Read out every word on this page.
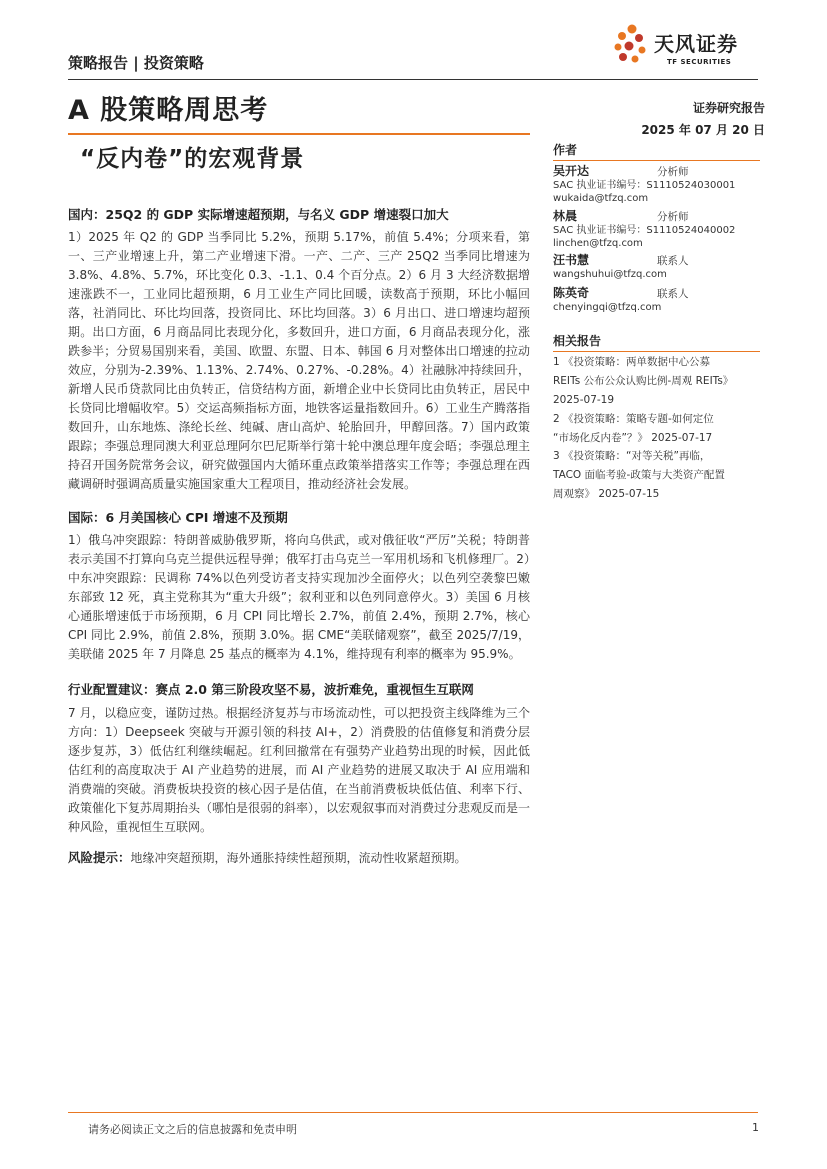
策略报告 | 投资策略
天风证券
TF SECURITIES
A 股策略周思考	证券研究报告
2025 年 07 月 20 日
“反内卷”的宏观背景	作者
吴开达	分析师
SAC 执业证书编号：S1110524030001
wukaida@tfzq.com
林晨	分析师
SAC 执业证书编号：S1110524040002
linchen@tfzq.com
汪书慧	联系人
wangshuhui@tfzq.com
陈英奇	联系人
chenyingqi@tfzq.com
相关报告
1 《投资策略：两单数据中心公募
REITs 公布公众认购比例-周观 REITs》
2025-07-19
2 《投资策略：策略专题-如何定位
“市场化反内卷”？》 2025-07-17
3 《投资策略：“对等关税”再临，
TACO 面临考验-政策与大类资产配置
周观察》 2025-07-15
国内：25Q2 的 GDP 实际增速超预期，与名义 GDP 增速裂口加大
1）2025 年 Q2 的 GDP 当季同比 5.2%，预期 5.17%，前值 5.4%；分项来看，第一、三产业增速上升，第二产业增速下滑。一产、二产、三产 25Q2 当季同比增速为 3.8%、4.8%、5.7%，环比变化 0.3、-1.1、0.4 个百分点。2）6 月 3 大经济数据增速涨跌不一，工业同比超预期，6 月工业生产同比回暖，读数高于预期，环比小幅回落，社消同比、环比均回落，投资同比、环比均回落。3）6 月出口、进口增速均超预期。出口方面，6 月商品同比表现分化，多数回升，进口方面，6 月商品表现分化，涨跌参半；分贸易国别来看，美国、欧盟、东盟、日本、韩国 6 月对整体出口增速的拉动效应，分别为-2.39%、1.13%、2.74%、0.27%、-0.28%。4）社融脉冲持续回升，新增人民币贷款同比由负转正，信贷结构方面，新增企业中长贷同比由负转正，居民中长贷同比增幅收窄。5）交运高频指标方面，地铁客运量指数回升。6）工业生产腾落指数回升，山东地炼、涤纶长丝、纯碱、唐山高炉、轮胎回升，甲醇回落。7）国内政策跟踪；李强总理同澳大利亚总理阿尔巴尼斯举行第十轮中澳总理年度会晤；李强总理主持召开国务院常务会议，研究做强国内大循环重点政策举措落实工作等；李强总理在西藏调研时强调高质量实施国家重大工程项目，推动经济社会发展。
国际：6 月美国核心 CPI 增速不及预期
1）俄乌冲突跟踪：特朗普威胁俄罗斯，将向乌供武，或对俄征收“严厉”关税；特朗普表示美国不打算向乌克兰提供远程导弹；俄军打击乌克兰一军用机场和飞机修理厂。2）中东冲突跟踪：民调称 74%以色列受访者支持实现加沙全面停火；以色列空袭黎巴嫩东部致 12 死，真主党称其为“重大升级”；叙利亚和以色列同意停火。3）美国 6 月核心通胀增速低于市场预期，6 月 CPI 同比增长 2.7%，前值 2.4%，预期 2.7%，核心 CPI 同比 2.9%，前值 2.8%，预期 3.0%。据 CME“美联储观察”，截至 2025/7/19，美联储 2025 年 7 月降息 25 基点的概率为 4.1%，维持现有利率的概率为 95.9%。
行业配置建议：赛点 2.0 第三阶段攻坚不易，波折难免，重视恒生互联网
7 月，以稳应变，谨防过热。根据经济复苏与市场流动性，可以把投资主线降维为三个方向：1）Deepseek 突破与开源引领的科技 AI+，2）消费股的估值修复和消费分层逐步复苏，3）低估红利继续崛起。红利回撤常在有强势产业趋势出现的时候，因此低估红利的高度取决于 AI 产业趋势的进展，而 AI 产业趋势的进展又取决于 AI 应用端和消费端的突破。消费板块投资的核心因子是估值，在当前消费板块低估值、利率下行、政策催化下复苏周期抬头（哪怕是很弱的斜率），以宏观叙事而对消费过分悲观反而是一种风险，重视恒生互联网。
风险提示：地缘冲突超预期，海外通胀持续性超预期，流动性收紧超预期。
请务必阅读正文之后的信息披露和免责申明	1
